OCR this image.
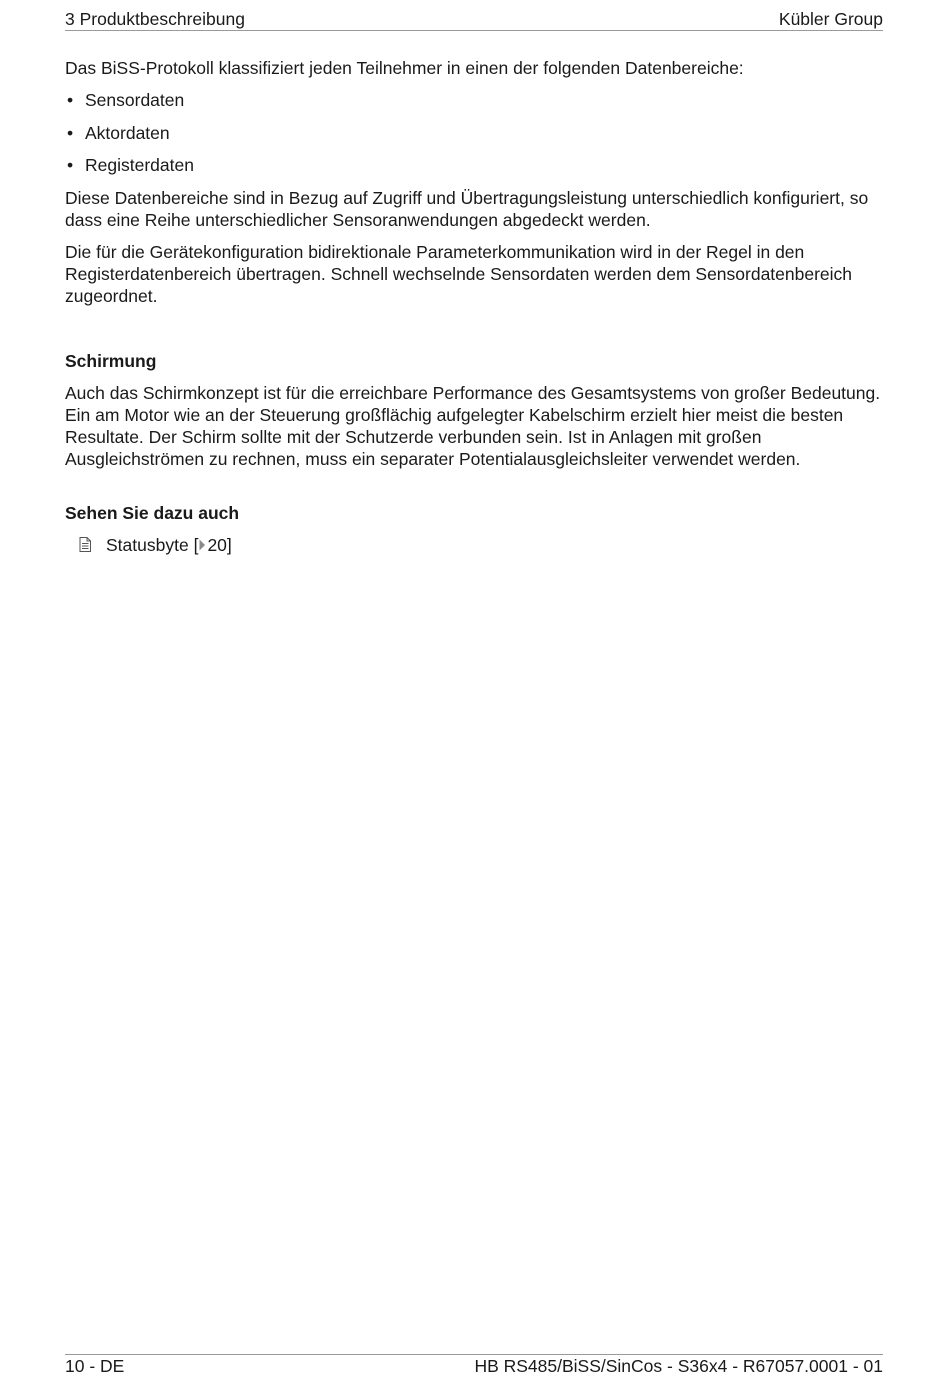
3 Produktbeschreibung	Kübler Group

Das BiSS-Protokoll klassifiziert jeden Teilnehmer in einen der folgenden Datenbereiche:

• Sensordaten
• Aktordaten
• Registerdaten

Diese Datenbereiche sind in Bezug auf Zugriff und Übertragungsleistung unterschiedlich konfiguriert, so dass eine Reihe unterschiedlicher Sensoranwendungen abgedeckt werden.

Die für die Gerätekonfiguration bidirektionale Parameterkommunikation wird in der Regel in den Registerdatenbereich übertragen. Schnell wechselnde Sensordaten werden dem Sensordatenbereich zugeordnet.

Schirmung

Auch das Schirmkonzept ist für die erreichbare Performance des Gesamtsystems von großer Bedeutung. Ein am Motor wie an der Steuerung großflächig aufgelegter Kabelschirm erzielt hier meist die besten Resultate. Der Schirm sollte mit der Schutzerde verbunden sein. Ist in Anlagen mit großen Ausgleichströmen zu rechnen, muss ein separater Potentialausgleichsleiter verwendet werden.

Sehen Sie dazu auch
Statusbyte [ 20]
10 - DE	HB RS485/BiSS/SinCos - S36x4 - R67057.0001 - 01
